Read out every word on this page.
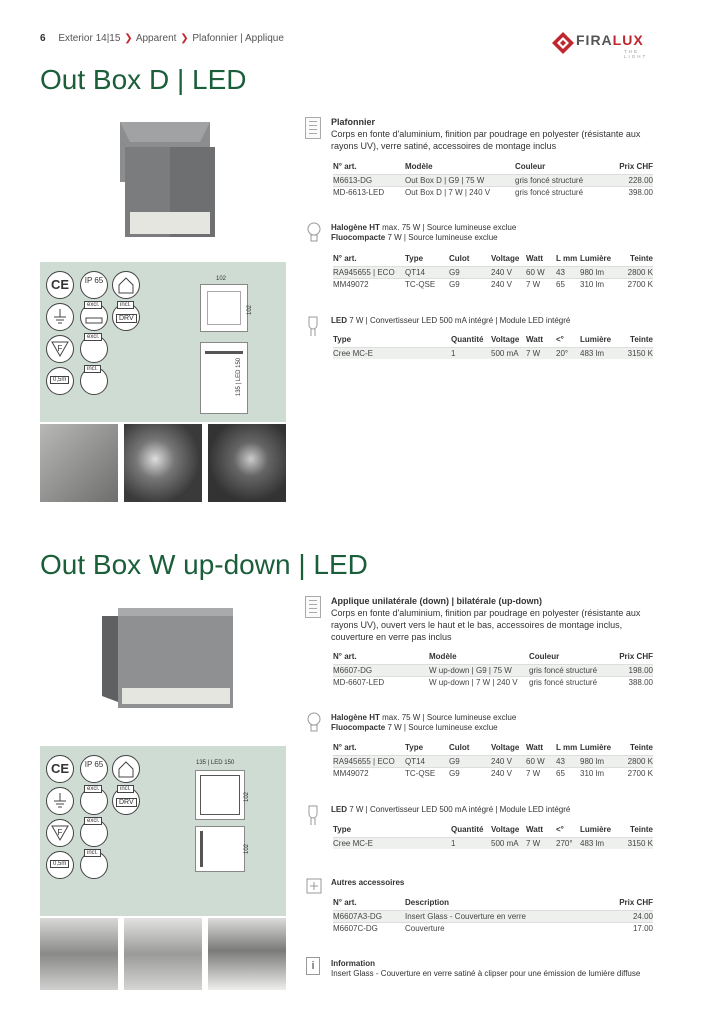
6 Exterior 14|15 ❯ Apparent ❯ Plafonnier | Applique	FIRALUX
THE LIGHT
Out Box D | LED
Plafonnier
Corps en fonte d'aluminium, finition par poudrage en polyester (résistante aux rayons UV), verre satiné, accessoires de montage inclus
N° art.	Modèle	Couleur	Prix CHF
M6613-DG	Out Box D | G9 | 75 W	gris foncé structuré	228.00
MD-6613-LED	Out Box D | 7 W | 240 V	gris foncé structuré	398.00
Halogène HT max. 75 W | Source lumineuse exclue
Fluocompacte 7 W | Source lumineuse exclue
N° art.	Type	Culot	Voltage	Watt	L mm	Lumière	Teinte
RA945655 | ECO	QT14	G9	240 V	60 W	43	980 lm	2800 K
MM49072	TC-QSE	G9	240 V	7 W	65	310 lm	2700 K
LED 7 W | Convertisseur LED 500 mA intégré | Module LED intégré
Type	Quantité	Voltage	Watt	<°	Lumière	Teinte
Cree MC-E	1	500 mA	7 W	20°	483 lm	3150 K
CE	IP 65
excl.	incl.
DRV
F
excl.
0,5m
incl.
102
102
135 | LED 150
Out Box W up-down | LED
Applique unilatérale (down) | bilatérale (up-down)
Corps en fonte d'aluminium, finition par poudrage en polyester (résistante aux rayons UV), ouvert vers le haut et le bas, accessoires de montage inclus, couverture en verre pas inclus
N° art.	Modèle	Couleur	Prix CHF
M6607-DG	W up-down | G9 | 75 W	gris foncé structuré	198.00
MD-6607-LED	W up-down | 7 W | 240 V	gris foncé structuré	388.00
Halogène HT max. 75 W | Source lumineuse exclue
Fluocompacte 7 W | Source lumineuse exclue
N° art.	Type	Culot	Voltage	Watt	L mm	Lumière	Teinte
RA945655 | ECO	QT14	G9	240 V	60 W	43	980 lm	2800 K
MM49072	TC-QSE	G9	240 V	7 W	65	310 lm	2700 K
LED 7 W | Convertisseur LED 500 mA intégré | Module LED intégré
Type	Quantité	Voltage	Watt	<°	Lumière	Teinte
Cree MC-E	1	500 mA	7 W	270°	483 lm	3150 K
Autres accessoires
N° art.	Description	Prix CHF
M6607A3-DG	Insert Glass - Couverture en verre	24.00
M6607C-DG	Couverture	17.00
i	Information
Insert Glass - Couverture en verre satiné à clipser pour une émission de lumière diffuse
CE	IP 65
excl.	incl.
DRV
F
excl.
0,5m
incl.
135 | LED 150
102
102
